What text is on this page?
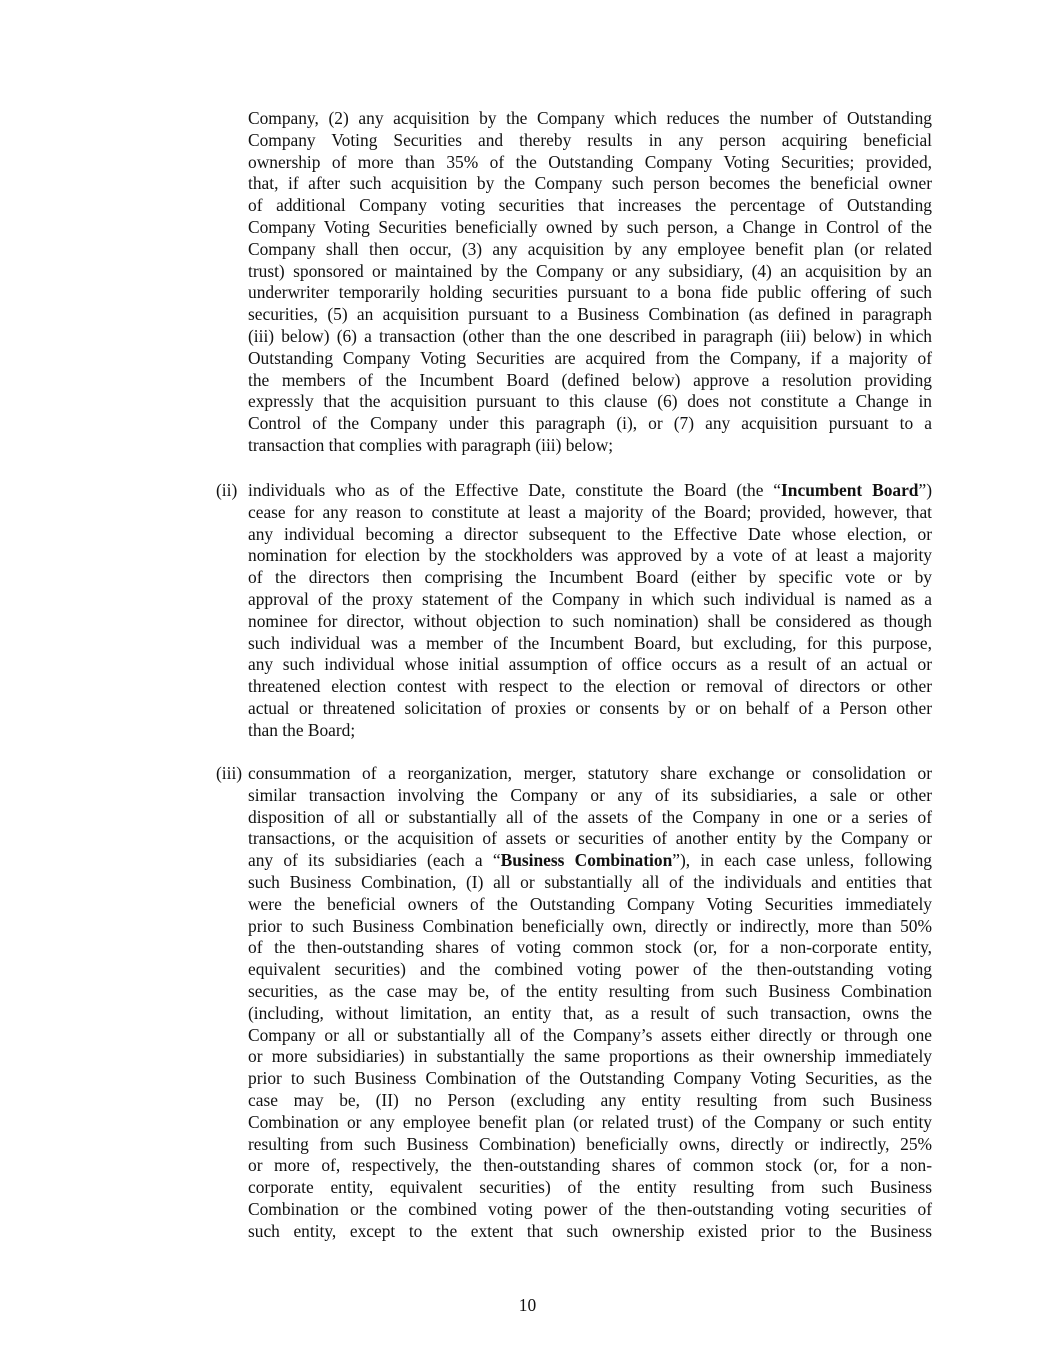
Company, (2) any acquisition by the Company which reduces the number of Outstanding
Company Voting Securities and thereby results in any person acquiring beneficial
ownership of more than 35% of the Outstanding Company Voting Securities; provided,
that, if after such acquisition by the Company such person becomes the beneficial owner
of additional Company voting securities that increases the percentage of Outstanding
Company Voting Securities beneficially owned by such person, a Change in Control of the
Company shall then occur, (3) any acquisition by any employee benefit plan (or related
trust) sponsored or maintained by the Company or any subsidiary, (4) an acquisition by an
underwriter temporarily holding securities pursuant to a bona fide public offering of such
securities, (5) an acquisition pursuant to a Business Combination (as defined in paragraph
(iii) below) (6) a transaction (other than the one described in paragraph (iii) below) in which
Outstanding Company Voting Securities are acquired from the Company, if a majority of
the members of the Incumbent Board (defined below) approve a resolution providing
expressly that the acquisition pursuant to this clause (6) does not constitute a Change in
Control of the Company under this paragraph (i), or (7) any acquisition pursuant to a
transaction that complies with paragraph (iii) below;
(ii) individuals who as of the Effective Date, constitute the Board (the “Incumbent Board”)
cease for any reason to constitute at least a majority of the Board; provided, however, that
any individual becoming a director subsequent to the Effective Date whose election, or
nomination for election by the stockholders was approved by a vote of at least a majority
of the directors then comprising the Incumbent Board (either by specific vote or by
approval of the proxy statement of the Company in which such individual is named as a
nominee for director, without objection to such nomination) shall be considered as though
such individual was a member of the Incumbent Board, but excluding, for this purpose,
any such individual whose initial assumption of office occurs as a result of an actual or
threatened election contest with respect to the election or removal of directors or other
actual or threatened solicitation of proxies or consents by or on behalf of a Person other
than the Board;
(iii) consummation of a reorganization, merger, statutory share exchange or consolidation or
similar transaction involving the Company or any of its subsidiaries, a sale or other
disposition of all or substantially all of the assets of the Company in one or a series of
transactions, or the acquisition of assets or securities of another entity by the Company or
any of its subsidiaries (each a “Business Combination”), in each case unless, following
such Business Combination, (I) all or substantially all of the individuals and entities that
were the beneficial owners of the Outstanding Company Voting Securities immediately
prior to such Business Combination beneficially own, directly or indirectly, more than 50%
of the then-outstanding shares of voting common stock (or, for a non-corporate entity,
equivalent securities) and the combined voting power of the then-outstanding voting
securities, as the case may be, of the entity resulting from such Business Combination
(including, without limitation, an entity that, as a result of such transaction, owns the
Company or all or substantially all of the Company’s assets either directly or through one
or more subsidiaries) in substantially the same proportions as their ownership immediately
prior to such Business Combination of the Outstanding Company Voting Securities, as the
case may be, (II) no Person (excluding any entity resulting from such Business
Combination or any employee benefit plan (or related trust) of the Company or such entity
resulting from such Business Combination) beneficially owns, directly or indirectly, 25%
or more of, respectively, the then-outstanding shares of common stock (or, for a non-
corporate entity, equivalent securities) of the entity resulting from such Business
Combination or the combined voting power of the then-outstanding voting securities of
such entity, except to the extent that such ownership existed prior to the Business
10
